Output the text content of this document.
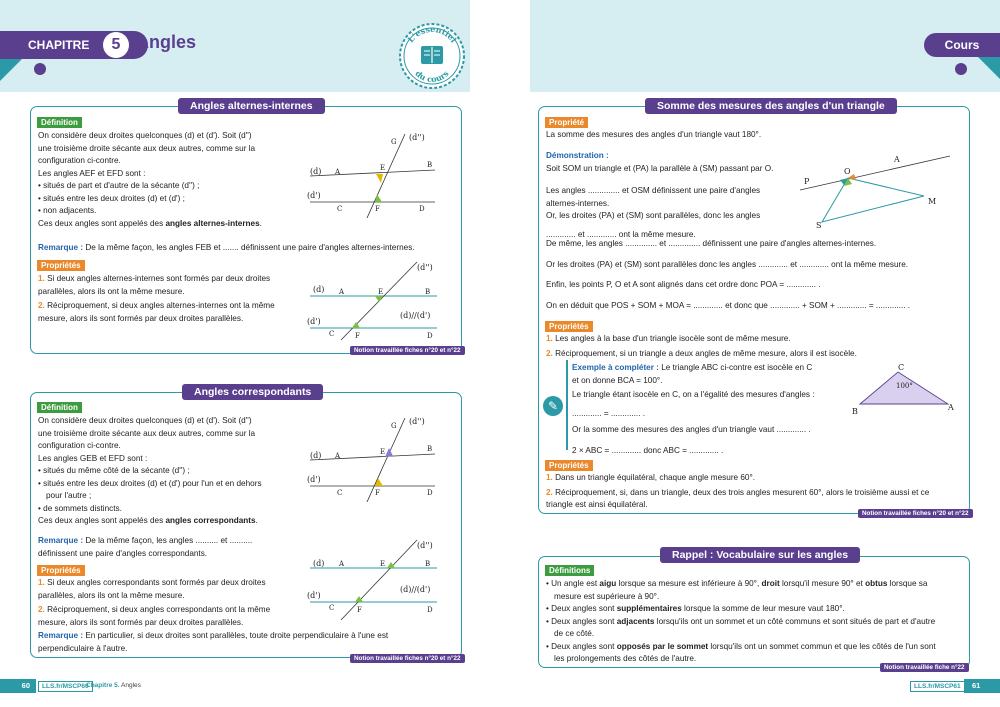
CHAPITRE	5 Angles	Cours
L'essentiel
du cours
Angles alternes-internes
Définition
On considère deux droites quelconques (d) et (d'). Soit (d'')
une troisième droite sécante aux deux autres, comme sur la
configuration ci-contre.
Les angles AEF et EFD sont :
• situés de part et d'autre de la sécante (d'') ;
• situés entre les deux droites (d) et (d') ;
• non adjacents.
Ces deux angles sont appelés des angles alternes-internes.
Remarque : De la même façon, les angles FEB et ....... définissent une paire d'angles alternes-internes.
(d)
(d')
(d'')
G
A
B
E
C	F	D
Propriétés
1. Si deux angles alternes-internes sont formés par deux droites
parallèles, alors ils ont la même mesure.
2. Réciproquement, si deux angles alternes-internes ont la même
mesure, alors ils sont formés par deux droites parallèles.
(d)
(d')
(d'')
(d)//(d')
A	B
E
C	F	D
Notion travaillée fiches n°20 et n°22
Angles correspondants
Définition
On considère deux droites quelconques (d) et (d'). Soit (d'')
une troisième droite sécante aux deux autres, comme sur la
configuration ci-contre.
Les angles GEB et EFD sont :
• situés du même côté de la sécante (d'') ;
• situés entre les deux droites (d) et (d') pour l'un et en dehors
pour l'autre ;
• de sommets distincts.
Ces deux angles sont appelés des angles correspondants.
(d)
(d')
(d'')
G
A
B
E
C	F	D
Remarque : De la même façon, les angles .......... et ..........
définissent une paire d'angles correspondants.
Propriétés
1. Si deux angles correspondants sont formés par deux droites
parallèles, alors ils ont la même mesure.
2. Réciproquement, si deux angles correspondants ont la même
mesure, alors ils sont formés par deux droites parallèles.
(d)
(d')
(d'')
(d)//(d')
A	B
E
C	F	D
Remarque : En particulier, si deux droites sont parallèles, toute droite perpendiculaire à l'une est
perpendiculaire à l'autre.
Notion travaillée fiches n°20 et n°22
Somme des mesures des angles d'un triangle
Propriété
La somme des mesures des angles d'un triangle vaut 180°.
Démonstration :
Soit SOM un triangle et (PA) la parallèle à (SM) passant par O.
Les angles .............. et OSM définissent une paire d'angles
alternes-internes.
Or, les droites (PA) et (SM) sont parallèles, donc les angles
............. et ............. ont la même mesure.
De même, les angles .............. et .............. définissent une paire d'angles alternes-internes.
Or les droites (PA) et (SM) sont parallèles donc les angles ............. et ............. ont la même mesure.
Enfin, les points P, O et A sont alignés dans cet ordre donc POA = ............. .
On en déduit que POS + SOM + MOA = ............. et donc que ............. + SOM + ............. = ............. .
P
O
A
S
M
Propriétés
1. Les angles à la base d'un triangle isocèle sont de même mesure.
2. Réciproquement, si un triangle a deux angles de même mesure, alors il est isocèle.
✎
Exemple à compléter : Le triangle ABC ci-contre est isocèle en C
et on donne BCA = 100°.
Le triangle étant isocèle en C, on a l'égalité des mesures d'angles :
............. = ............. .
Or la somme des mesures des angles d'un triangle vaut ............. .
2 × ABC = ............. donc ABC = ............. .
B
C
A
100°
Propriétés
1. Dans un triangle équilatéral, chaque angle mesure 60°.
2. Réciproquement, si, dans un triangle, deux des trois angles mesurent 60°, alors le troisième aussi et ce
triangle est ainsi équilatéral.
Notion travaillée fiches n°20 et n°22
Rappel : Vocabulaire sur les angles
Définitions
• Un angle est aigu lorsque sa mesure est inférieure à 90°, droit lorsqu'il mesure 90° et obtus lorsque sa
mesure est supérieure à 90°.
• Deux angles sont supplémentaires lorsque la somme de leur mesure vaut 180°.
• Deux angles sont adjacents lorsqu'ils ont un sommet et un côté communs et sont situés de part et d'autre
de ce côté.
• Deux angles sont opposés par le sommet lorsqu'ils ont un sommet commun et que les côtés de l'un sont
les prolongements des côtés de l'autre.
Notion travaillée fiche n°22
60	LLS.fr/MSCP60
Chapitre 5. Angles	LLS.fr/MSCP61	61
